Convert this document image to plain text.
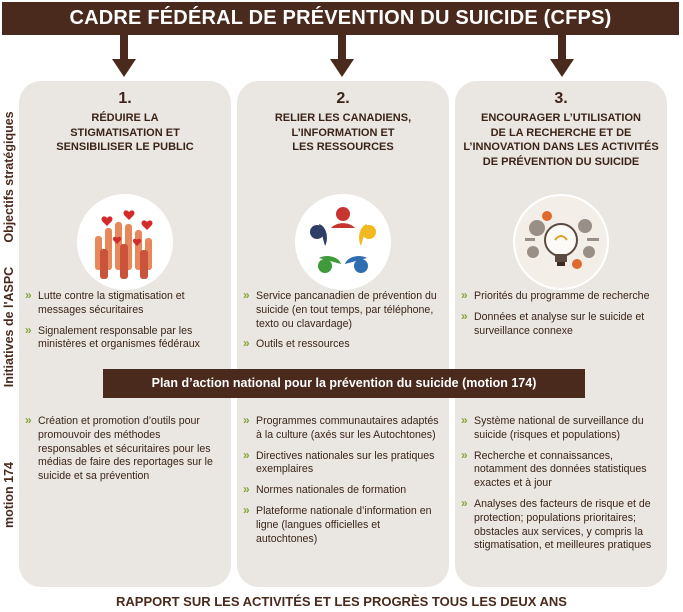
CADRE FÉDÉRAL DE PRÉVENTION DU SUICIDE (CFPS)
Objectifs stratégiques
Initiatives de l'ASPC
motion 174
1.
RÉDUIRE LA
STIGMATISATION ET
SENSIBILISER LE PUBLIC
» Lutte contre la stigmatisation et messages sécuritaires
» Signalement responsable par les ministères et organismes fédéraux
» Création et promotion d’outils pour promouvoir des méthodes responsables et sécuritaires pour les médias de faire des reportages sur le suicide et sa prévention
2.
RELIER LES CANADIENS,
L’INFORMATION ET
LES RESSOURCES
» Service pancanadien de prévention du suicide (en tout temps, par téléphone, texto ou clavardage)
» Outils et ressources
» Programmes communautaires adaptés à la culture (axés sur les Autochtones)
» Directives nationales sur les pratiques exemplaires
» Normes nationales de formation
» Plateforme nationale d’information en ligne (langues officielles et autochtones)
3.
ENCOURAGER L’UTILISATION
DE LA RECHERCHE ET DE
L’INNOVATION DANS LES ACTIVITÉS
DE PRÉVENTION DU SUICIDE
» Priorités du programme de recherche
» Données et analyse sur le suicide et surveillance connexe
» Système national de surveillance du suicide (risques et populations)
» Recherche et connaissances, notamment des données statistiques exactes et à jour
» Analyses des facteurs de risque et de protection; populations prioritaires; obstacles aux services, y compris la stigmatisation, et meilleures pratiques
Plan d’action national pour la prévention du suicide (motion 174)
RAPPORT SUR LES ACTIVITÉS ET LES PROGRÈS TOUS LES DEUX ANS
